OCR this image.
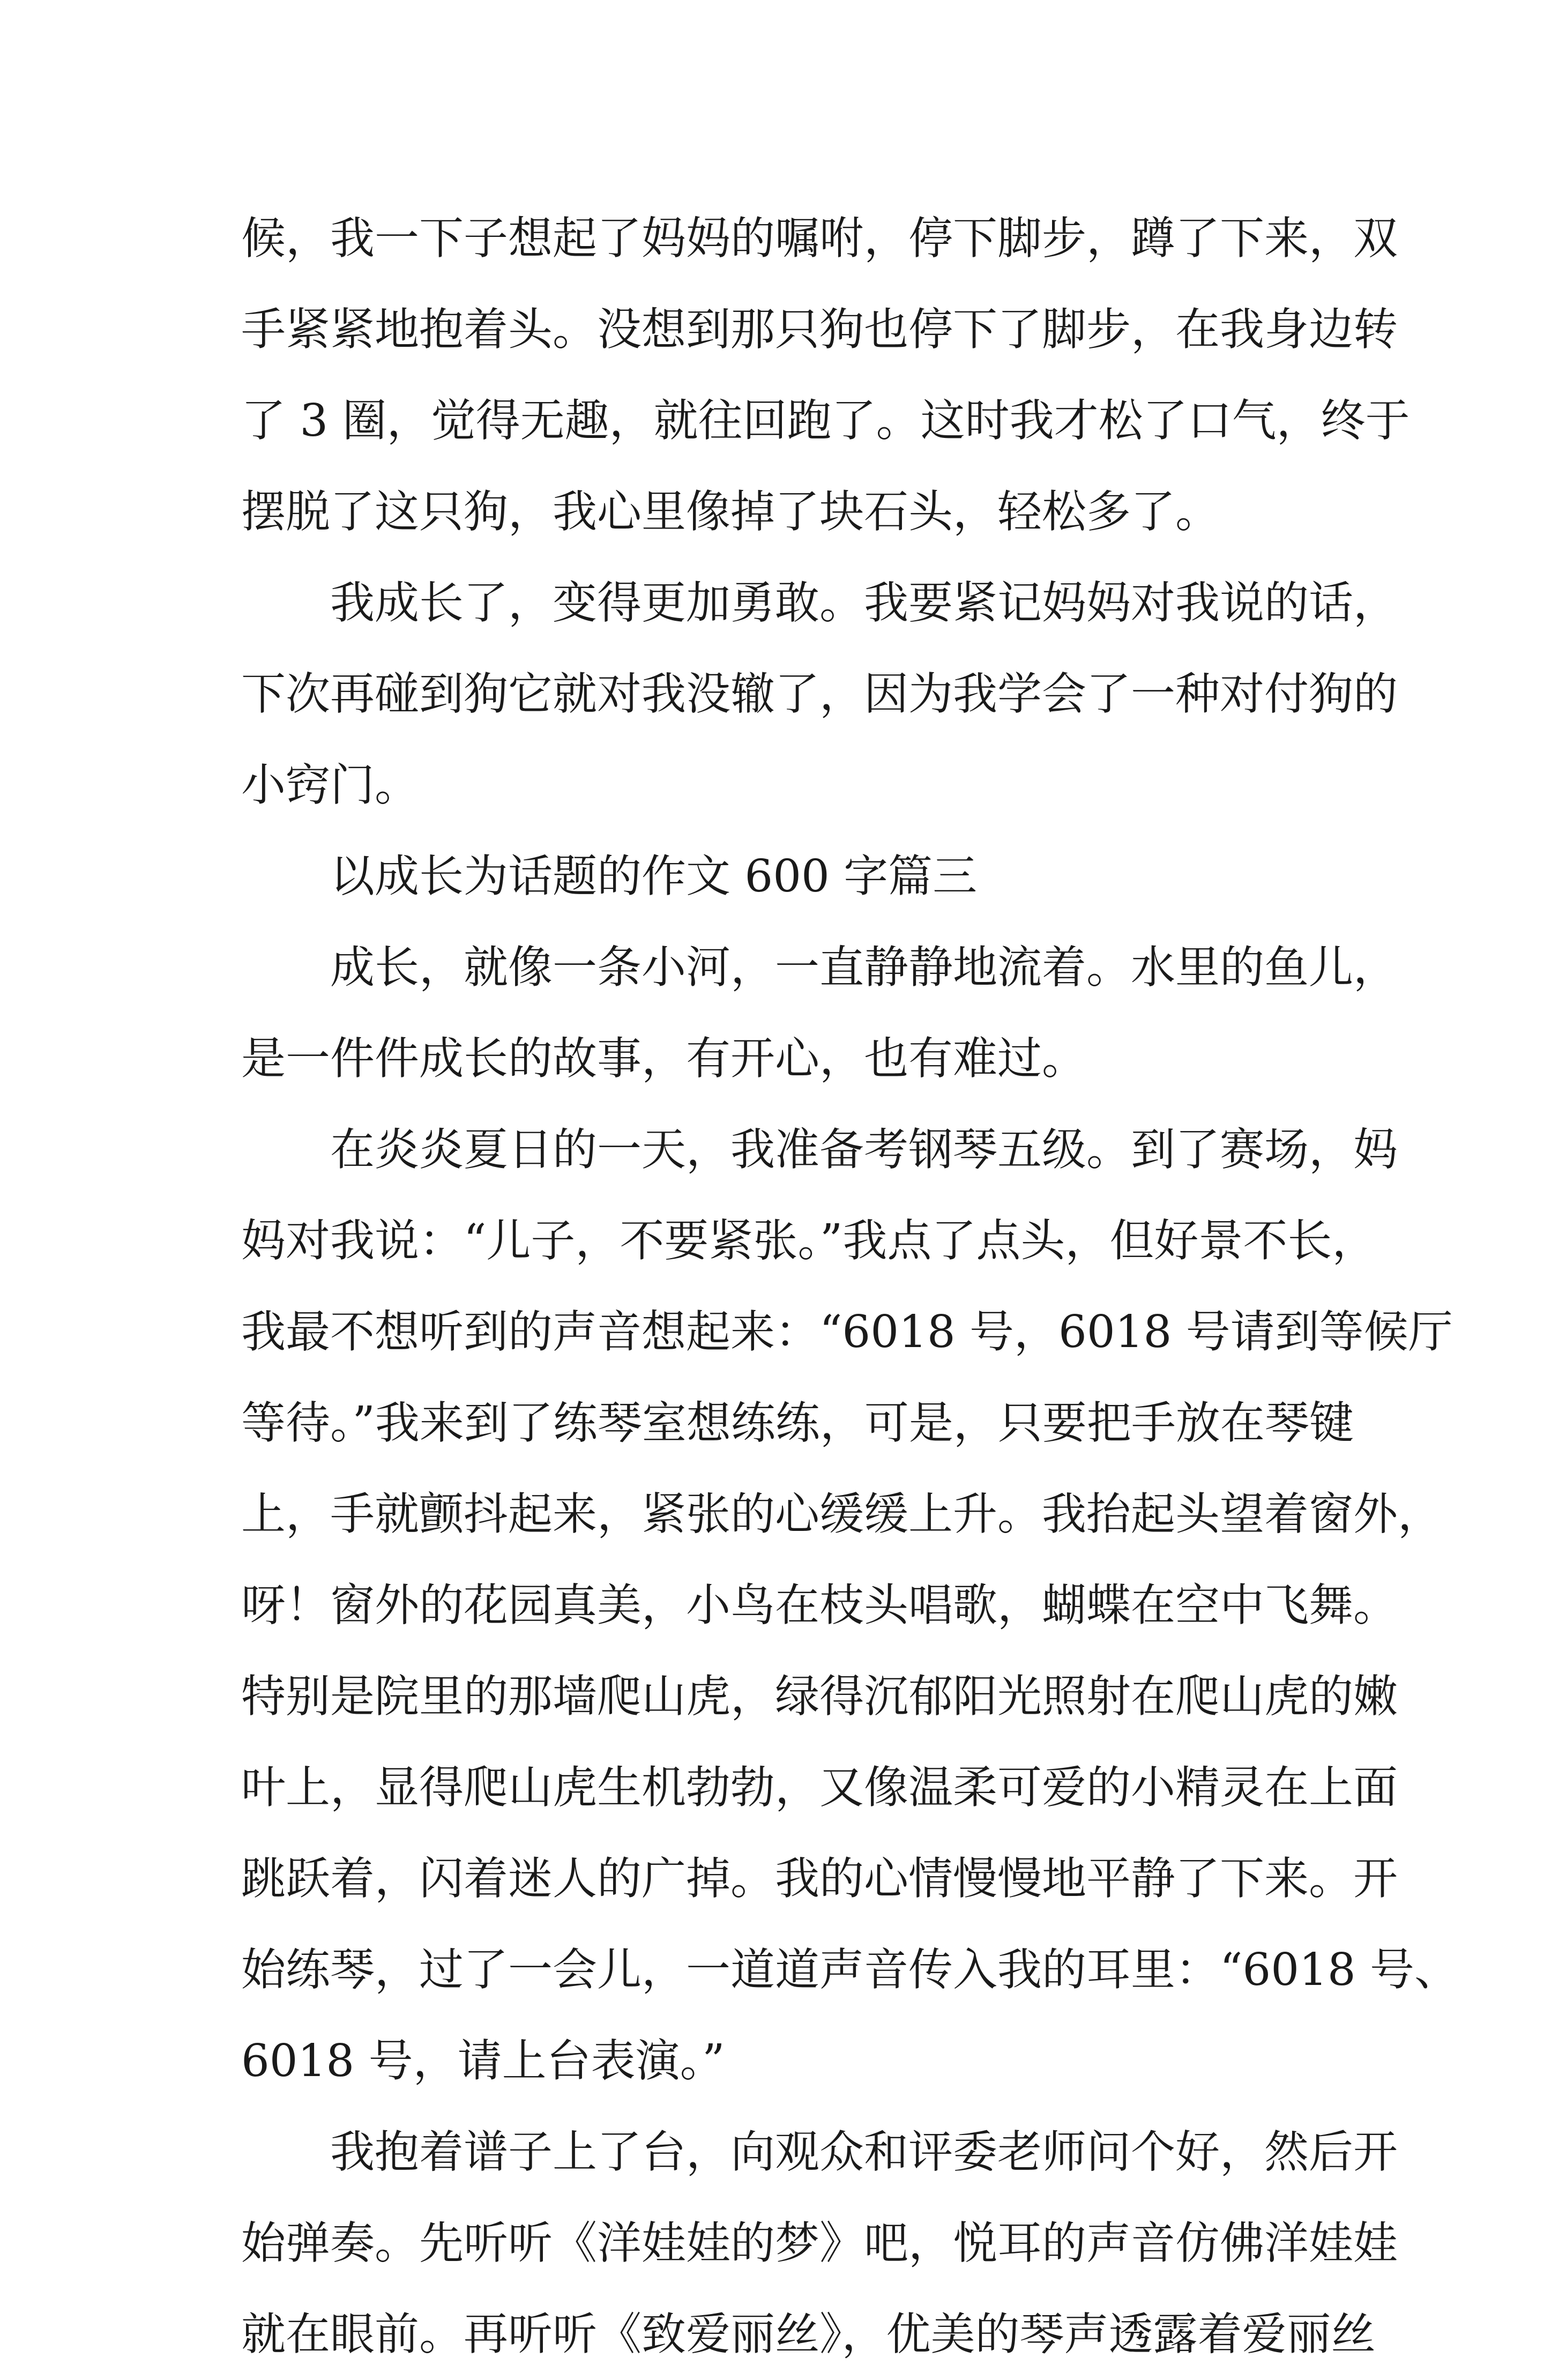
候，我一下子想起了妈妈的嘱咐，停下脚步，蹲了下来，双
手紧紧地抱着头。没想到那只狗也停下了脚步，在我身边转
了 3 圈，觉得无趣，就往回跑了。这时我才松了口气，终于
摆脱了这只狗，我心里像掉了块石头，轻松多了。
我成长了，变得更加勇敢。我要紧记妈妈对我说的话，
下次再碰到狗它就对我没辙了，因为我学会了一种对付狗的
小窍门。
以成长为话题的作文 600 字篇三
成长，就像一条小河，一直静静地流着。水里的鱼儿，
是一件件成长的故事，有开心，也有难过。
在炎炎夏日的一天，我准备考钢琴五级。到了赛场，妈
妈对我说：“儿子，不要紧张。”我点了点头，但好景不长，
我最不想听到的声音想起来：“6018 号，6018 号请到等候厅
等待。”我来到了练琴室想练练，可是，只要把手放在琴键
上，手就颤抖起来，紧张的心缓缓上升。我抬起头望着窗外，
呀！窗外的花园真美，小鸟在枝头唱歌，蝴蝶在空中飞舞。
特别是院里的那墙爬山虎，绿得沉郁阳光照射在爬山虎的嫩
叶上，显得爬山虎生机勃勃，又像温柔可爱的小精灵在上面
跳跃着，闪着迷人的广掉。我的心情慢慢地平静了下来。开
始练琴，过了一会儿，一道道声音传入我的耳里：“6018 号、
6018 号，请上台表演。”
我抱着谱子上了台，向观众和评委老师问个好，然后开
始弹奏。先听听《洋娃娃的梦》吧，悦耳的声音仿佛洋娃娃
就在眼前。再听听《致爱丽丝》，优美的琴声透露着爱丽丝
